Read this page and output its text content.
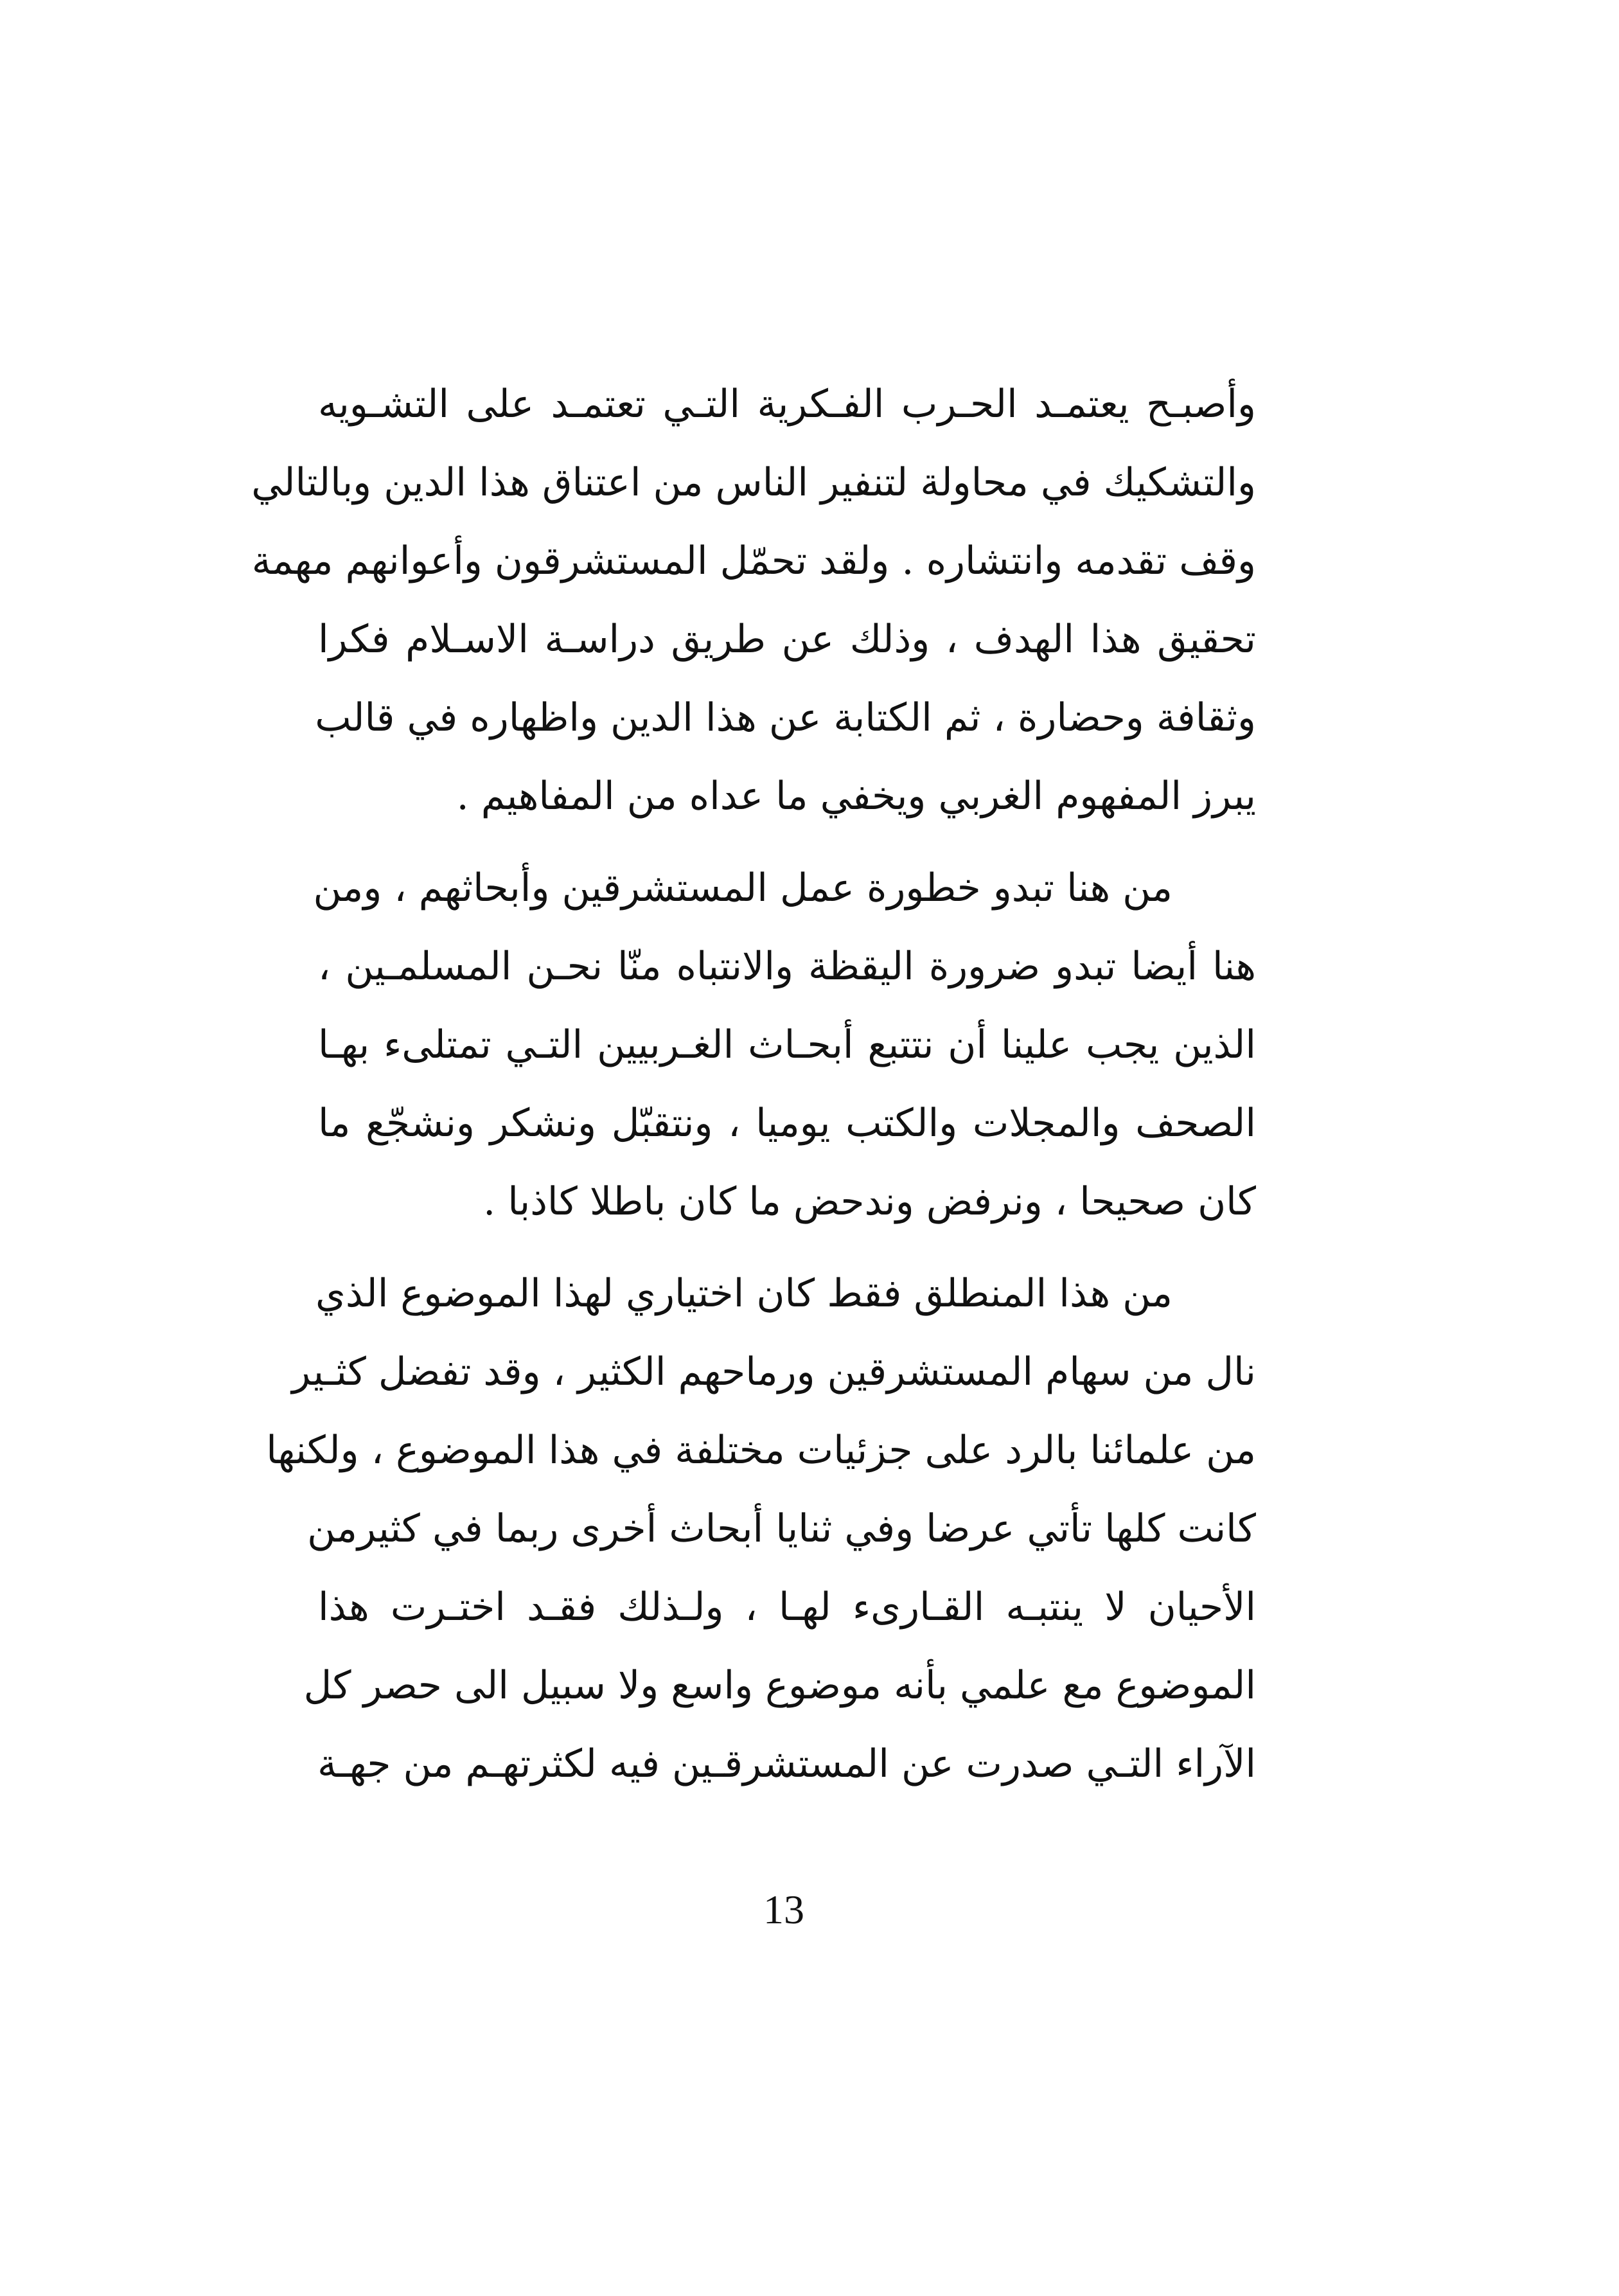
وأصبـح يعتمـد الحـرب الفـكرية التـي تعتمـد على التشـويه
والتشكيك في محاولة لتنفير الناس من اعتناق هذا الدين وبالتالي
وقف تقدمه وانتشاره . ولقد تحمّل المستشرقون وأعوانهم مهمة
تحقيق هذا الهدف ، وذلك عن طريق دراسـة الاسـلام فكرا
وثقافة وحضارة ، ثم الكتابة عن هذا الدين واظهاره في قالب
يبرز المفهوم الغربي ويخفي ما عداه من المفاهيم .
من هنا تبدو خطورة عمل المستشرقين وأبحاثهم ، ومن
هنا أيضا تبدو ضرورة اليقظة والانتباه منّا نحـن المسلمـين ،
الذين يجب علينا أن نتتبع أبحـاث الغـربيين التـي تمتلىء بهـا
الصحف والمجلات والكتب يوميا ، ونتقبّل ونشكر ونشجّع ما
كان صحيحا ، ونرفض وندحض ما كان باطلا كاذبا .
من هذا المنطلق فقط كان اختياري لهذا الموضوع الذي
نال من سهام المستشرقين ورماحهم الكثير ، وقد تفضل كثـير
من علمائنا بالرد على جزئيات مختلفة في هذا الموضوع ، ولكنها
كانت كلها تأتي عرضا وفي ثنايا أبحاث أخرى ربما في كثيرمن
الأحيان لا ينتبـه القـارىء لهـا ، ولـذلك فقـد اختـرت هذا
الموضوع مع علمي بأنه موضوع واسع ولا سبيل الى حصر كل
الآراء التـي صدرت عن المستشرقـين فيه لكثرتهـم من جهـة
13
